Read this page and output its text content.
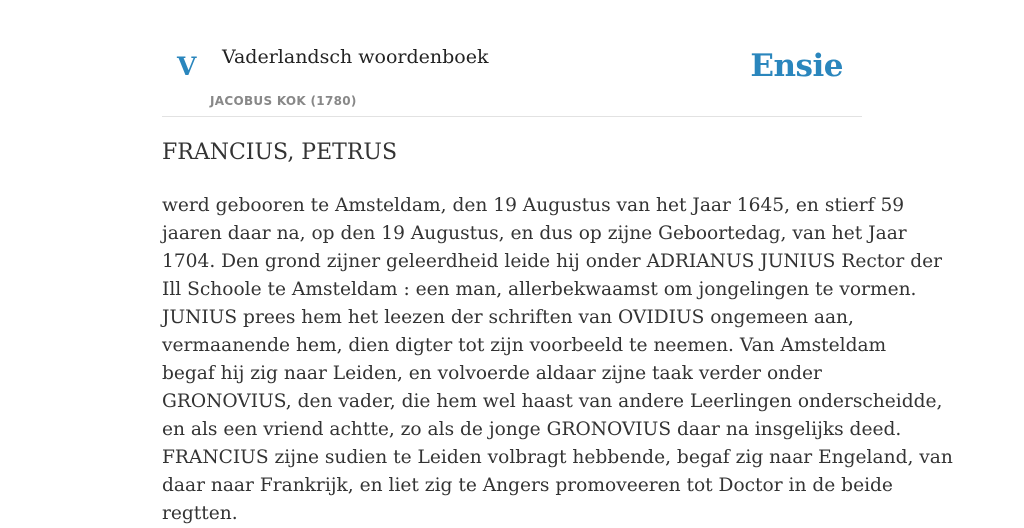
V Vaderlandsch woordenboek
JACOBUS KOK (1780)
Ensie
FRANCIUS, PETRUS
werd gebooren te Amsteldam, den 19 Augustus van het Jaar 1645, en stierf 59
jaaren daar na, op den 19 Augustus, en dus op zijne Geboortedag, van het Jaar
1704. Den grond zijner geleerdheid leide hij onder ADRIANUS JUNIUS Rector der
Ill Schoole te Amsteldam : een man, allerbekwaamst om jongelingen te vormen.
JUNIUS prees hem het leezen der schriften van OVIDIUS ongemeen aan,
vermaanende hem, dien digter tot zijn voorbeeld te neemen. Van Amsteldam
begaf hij zig naar Leiden, en volvoerde aldaar zijne taak verder onder
GRONOVIUS, den vader, die hem wel haast van andere Leerlingen onderscheidde,
en als een vriend achtte, zo als de jonge GRONOVIUS daar na insgelijks deed.
FRANCIUS zijne sudien te Leiden volbragt hebbende, begaf zig naar Engeland, van
daar naar Frankrijk, en liet zig te Angers promoveeren tot Doctor in de beide
regtten.
